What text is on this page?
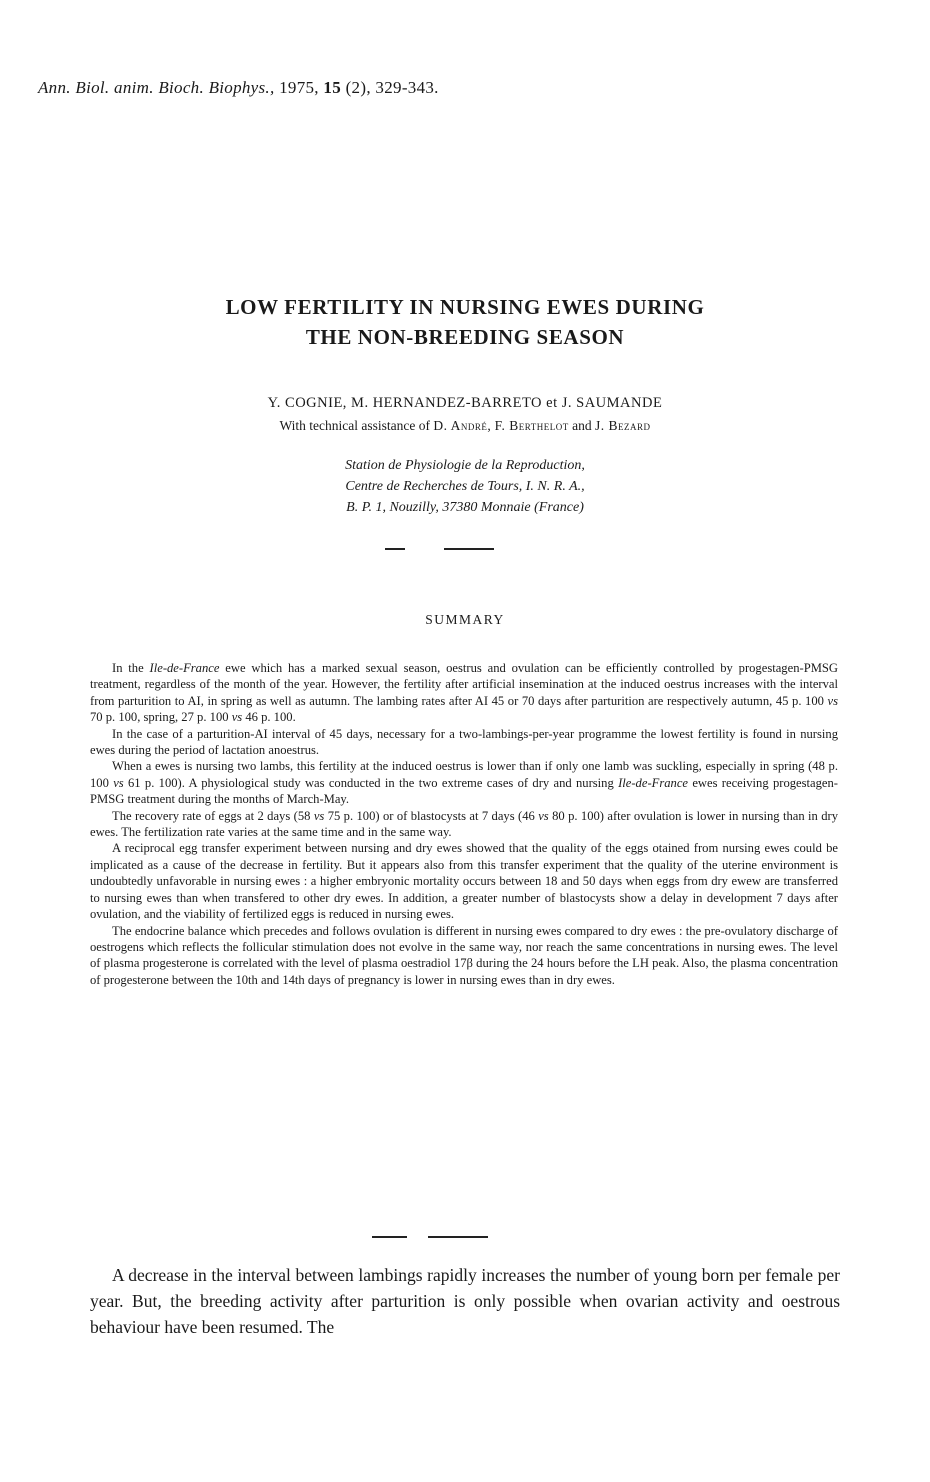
Ann. Biol. anim. Bioch. Biophys., 1975, 15 (2), 329-343.
LOW FERTILITY IN NURSING EWES DURING
THE NON-BREEDING SEASON
Y. COGNIE, M. HERNANDEZ-BARRETO et J. SAUMANDE
With technical assistance of D. André, F. Berthelot and J. Bezard
Station de Physiologie de la Reproduction,
Centre de Recherches de Tours, I. N. R. A.,
B. P. 1, Nouzilly, 37380 Monnaie (France)
SUMMARY

In the Ile-de-France ewe which has a marked sexual season, oestrus and ovulation can be efficiently controlled by progestagen-PMSG treatment, regardless of the month of the year. However, the fertility after artificial insemination at the induced oestrus increases with the interval from parturition to AI, in spring as well as autumn. The lambing rates after AI 45 or 70 days after parturition are respectively autumn, 45 p. 100 vs 70 p. 100, spring, 27 p. 100 vs 46 p. 100.

In the case of a parturition-AI interval of 45 days, necessary for a two-lambings-per-year programme the lowest fertility is found in nursing ewes during the period of lactation anoestrus.

When a ewes is nursing two lambs, this fertility at the induced oestrus is lower than if only one lamb was suckling, especially in spring (48 p. 100 vs 61 p. 100). A physiological study was conducted in the two extreme cases of dry and nursing Ile-de-France ewes receiving progestagen-PMSG treatment during the months of March-May.

The recovery rate of eggs at 2 days (58 vs 75 p. 100) or of blastocysts at 7 days (46 vs 80 p. 100) after ovulation is lower in nursing than in dry ewes. The fertilization rate varies at the same time and in the same way.

A reciprocal egg transfer experiment between nursing and dry ewes showed that the quality of the eggs otained from nursing ewes could be implicated as a cause of the decrease in fertility. But it appears also from this transfer experiment that the quality of the uterine environment is undoubtedly unfavorable in nursing ewes : a higher embryonic mortality occurs between 18 and 50 days when eggs from dry ewew are transferred to nursing ewes than when transfered to other dry ewes. In addition, a greater number of blastocysts show a delay in development 7 days after ovulation, and the viability of fertilized eggs is reduced in nursing ewes.

The endocrine balance which precedes and follows ovulation is different in nursing ewes compared to dry ewes : the pre-ovulatory discharge of oestrogens which reflects the follicular stimulation does not evolve in the same way, nor reach the same concentrations in nursing ewes. The level of plasma progesterone is correlated with the level of plasma oestradiol 17β during the 24 hours before the LH peak. Also, the plasma concentration of progesterone between the 10th and 14th days of pregnancy is lower in nursing ewes than in dry ewes.

A decrease in the interval between lambings rapidly increases the number of young born per female per year. But, the breeding activity after parturition is only possible when ovarian activity and oestrous behaviour have been resumed. The
